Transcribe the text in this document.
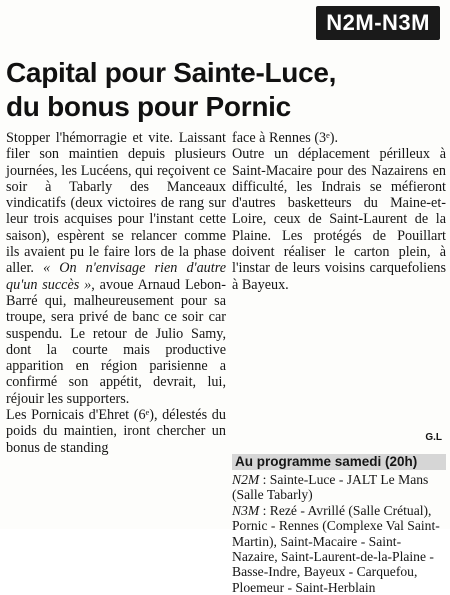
N2M-N3M
Capital pour Sainte-Luce,
du bonus pour Pornic

Stopper l'hémorragie et vite. Laissant filer son maintien depuis plusieurs journées, les Lucéens, qui reçoivent ce soir à Tabarly des Manceaux vindicatifs (deux victoires de rang sur leur trois acquises pour l'instant cette saison), espèrent se relancer comme ils avaient pu le faire lors de la phase aller. « On n'envisage rien d'autre qu'un succès », avoue Arnaud Lebon-Barré qui, malheureusement pour sa troupe, sera privé de banc ce soir car suspendu. Le retour de Julio Samy, dont la courte mais productive apparition en région parisienne a confirmé son appétit, devrait, lui, réjouir les supporters.

Les Pornicais d'Ehret (6ᵉ), délestés du poids du maintien, iront chercher un bonus de standing

face à Rennes (3ᵉ).

Outre un déplacement périlleux à Saint-Macaire pour des Nazairens en difficulté, les Indrais se méfieront d'autres basketteurs du Maine-et-Loire, ceux de Saint-Laurent de la Plaine. Les protégés de Pouillart doivent réaliser le carton plein, à l'instar de leurs voisins carquefoliens à Bayeux.

G.L
Au programme samedi (20h)

N2M : Sainte-Luce - JALT Le Mans (Salle Tabarly)

N3M : Rezé - Avrillé (Salle Crétual), Pornic - Rennes (Complexe Val Saint-Martin), Saint-Macaire - Saint-Nazaire, Saint-Laurent-de-la-Plaine - Basse-Indre, Bayeux - Carquefou, Ploemeur - Saint-Herblain
